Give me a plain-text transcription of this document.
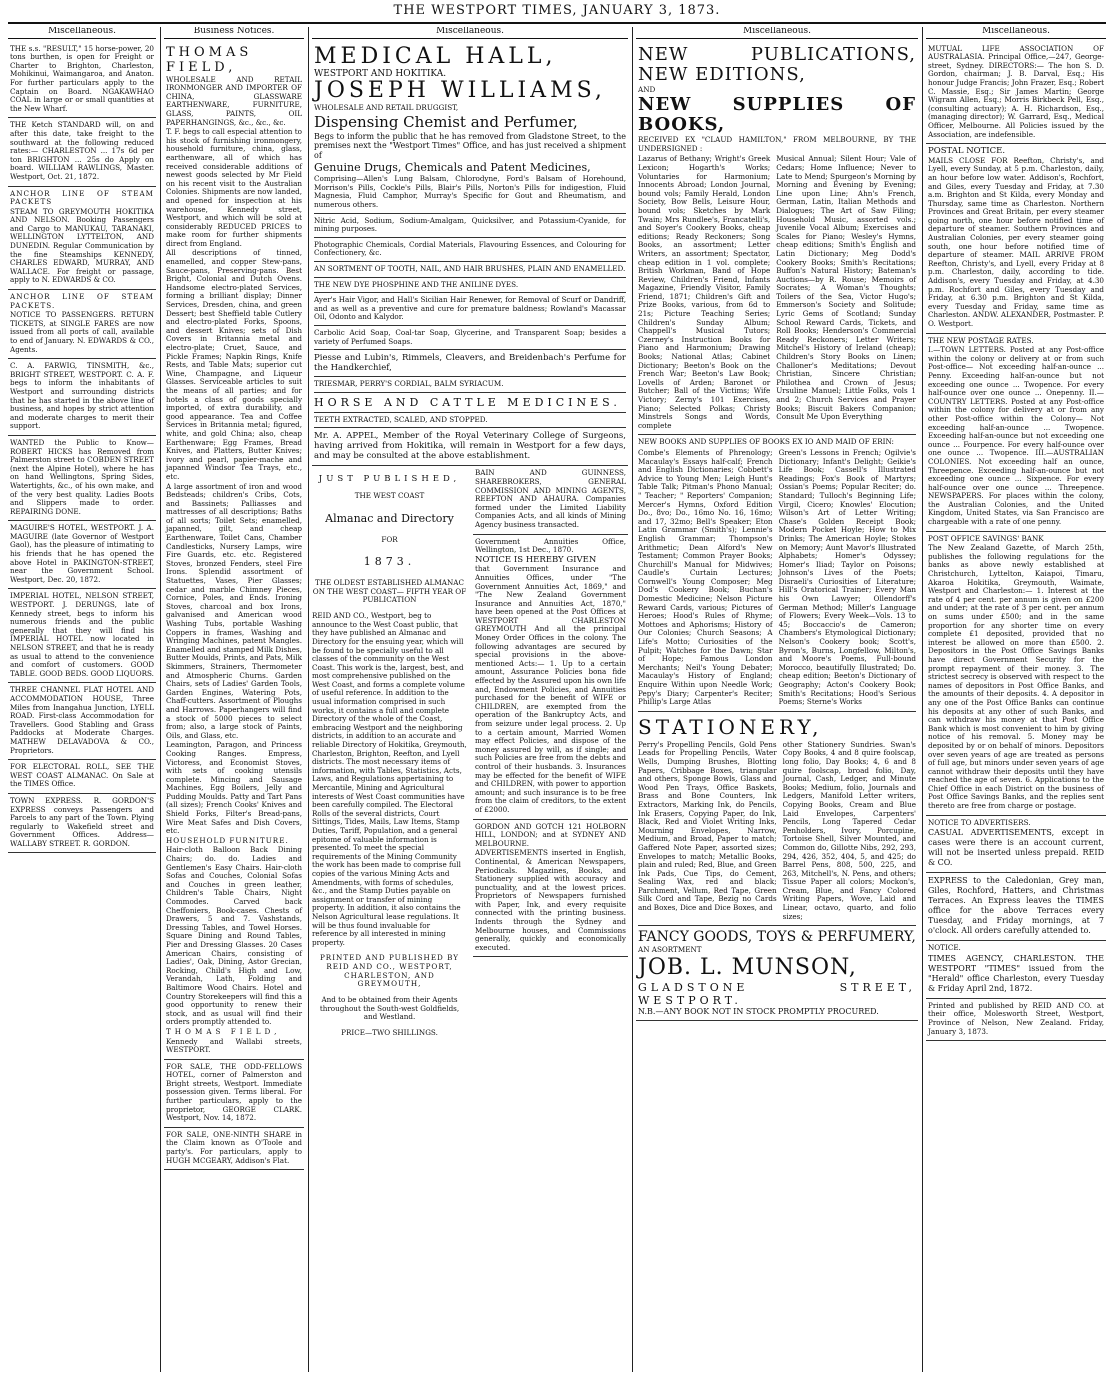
THE WESTPORT TIMES, JANUARY 3, 1873.
Miscellaneous.

THE s.s. "RESULT," 15 horse-power, 20 tons burthen, is open for Freight or Charter to Brighton, Charleston, Mohikinui, Waimangaroa, and Anaton. For further particulars apply to the Captain on Board. NGAKAWHAO COAL in large or or small quantities at the New Wharf.

THE Ketch STANDARD will, on and after this date, take freight to the southward at the following reduced rates:— CHARLESTON ... 17s 6d per ton BRIGHTON ... 25s do Apply on board. WILLIAM RAWLINGS, Master. Westport, Oct. 21, 1872.

ANCHOR LINE OF STEAM PACKETS

STEAM TO GREYMOUTH HOKITIKA AND NELSON. Booking Passengers and Cargo to MANUKAU, TARANAKI, WELLINGTON LYTTELTON, AND DUNEDIN. Regular Communication by the fine Steamships KENNEDY, CHARLES EDWARD, MURRAY, AND WALLACE. For freight or passage, apply to N. EDWARDS & CO.

ANCHOR LINE OF STEAM PACKETS.

NOTICE TO PASSENGERS. RETURN TICKETS, at SINGLE FARES are now issued from all ports of call, available to end of January. N. EDWARDS & CO., Agents.

C. A. FARWIG, TINSMITH, &c., BRIGHT STREET, WESTPORT. C. A. F. begs to inform the inhabitants of Westport and surrounding districts that he has started in the above line of business, and hopes by strict attention and moderate charges to merit their support.

WANTED the Public to Know— ROBERT HICKS has Removed from Palmerston street to COBDEN STREET (next the Alpine Hotel), where he has on hand Wellingtons, Spring Sides, Watertights, &c., of his own make, and of the very best quality. Ladies Boots and Slippers made to order. REPAIRING DONE.

MAGUIRE'S HOTEL, WESTPORT. J. A. MAGUIRE (late Governor of Westport Gaol), has the pleasure of intimating to his friends that he has opened the above Hotel in PAKINGTON-STREET, near the Government School. Westport, Dec. 20, 1872.

IMPERIAL HOTEL, NELSON STREET, WESTPORT. J. DERUNGS, late of Kennedy street, begs to inform his numerous friends and the public generally that they will find his IMPERIAL HOTEL now located in NELSON STREET, and that he is ready as usual to attend to the convenience and comfort of customers. GOOD TABLE. GOOD BEDS. GOOD LIQUORS.

THREE CHANNEL FLAT HOTEL AND ACCOMMODATION HOUSE, Three Miles from Inangahua Junction, LYELL ROAD. First-class Accommodation for Travellers. Good Stabling and Grass Paddocks at Moderate Charges. MATHEW DELAVADOVA & CO., Proprietors.

FOR ELECTORAL ROLL, SEE THE WEST COAST ALMANAC. On Sale at the TIMES Office.

TOWN EXPRESS. R. GORDON'S EXPRESS conveys Passengers and Parcels to any part of the Town. Plying regularly to Wakefield street and Government Offices. Address—WALLABY STREET. R. GORDON.

Business Notices.

THOMAS FIELD,

WHOLESALE AND RETAIL IRONMONGER AND IMPORTER OF CHINA, GLASSWARE EARTHENWARE, FURNITURE, GLASS, PAINTS, OIL PAPERHANGINGS, &c., &c., &c.

T. F. begs to call especial attention to his stock of furnishing ironmongery, household furniture, china, glass, earthenware, all of which has received considerable additions of newest goods selected by Mr Field on his recent visit to the Australian Colonies. Shipments are now landed, and opened for inspection at his warehouse, Kennedy street, Westport, and which will be sold at considerably REDUCED PRICES to make room for further shipments direct from England.

All descriptions of tinned, enamelled, and copper Stew-pans, Sauce-pans, Preserving-pans. Best Bright, Colonial and Dutch Ovens. Handsome electro-plated Services, forming a brilliant display; Dinner Services, Dresden, china, and green Dessert; best Sheffield table Cutlery and electro-plated Forks, Spoons, and dessert Knives; sets of Dish Covers in Britannia metal and electro-plate; Cruet, Sauce, and Pickle Frames; Napkin Rings, Knife Rests, and Table Mats; superior cut Wine, Champagne, and Liqueur Glasses. Serviceable articles to suit the means of all parties; and for hotels a class of goods specially imported, of extra durability, and good appearance. Tea and Coffee Services in Britannia metal; figured, white, and gold China; also, cheap Earthenware; Egg Frames, Bread Knives, and Platters, Butter Knives; ivory and pearl, papier-mache and japanned Windsor Tea Trays, etc., etc.

A large assortment of iron and wood Bedsteads; children's Cribs, Cots, and Bassinets; Palliasses and mattresses of all descriptions; Baths of all sorts; Toilet Sets; enamelled, japanned, gilt, and cheap Earthenware, Toilet Cans, Chamber Candlesticks, Nursery Lamps, wire Fire Guards, etc. etc. Registered Stoves, bronzed Fenders, steel Fire Irons. Splendid assortment of Statuettes, Vases, Pier Glasses; cedar and marble Chimney Pieces, Cornice, Poles, and Ends. Ironing Stoves, charcoal and box Irons, galvanised and American wood Washing Tubs, portable Washing Coppers in frames, Washing and Wringing Machines, patent Mangles. Enamelled and stamped Milk Dishes, Butter Moulds, Prints, and Pats, Milk Skimmers, Strainers, Thermometer and Atmospheric Churns. Garden Chairs, sets of Ladies' Garden Tools, Garden Engines, Watering Pots, Chaff-cutters. Assortment of Ploughs and Harrows. Paperhangers will find a stock of 5000 pieces to select from; also, a large stock of Paints, Oils, and Glass, etc.

Leamington, Paragon, and Princess Cooking Ranges. Empress, Victoress, and Economist Stoves, with sets of cooking utensils complete. Mincing and Sausage Machines, Egg Boilers, Jelly and Pudding Moulds. Patty and Tart Pans (all sizes); French Cooks' Knives and Shield Forks, Filter's Bread-pans, Wire Meat Safes and Dish Covers, etc.

HOUSEHOLD FURNITURE.

Hair-cloth Balloon Back Dining Chairs; do. do. Ladies and Gentlemen's Easy Chairs. Hair-cloth Sofas and Couches, Colonial Sofas and Couches in green leather, Children's Table Chairs, Night Commodes. Carved back Cheffoniers, Book-cases. Chests of Drawers, 5 and 7. Vashstands, Dressing Tables, and Towel Horses. Square Dining and Round Tables, Pier and Dressing Glasses. 20 Cases American Chairs, consisting of Ladies', Oak, Dining, Astor Grecian, Rocking, Child's High and Low, Verandah, Lath, Folding and Baltimore Wood Chairs. Hotel and Country Storekeepers will find this a good opportunity to renew their stock, and as usual will find their orders promptly attended to.

THOMAS FIELD,

Kennedy and Wallabi streets, WESTPORT.

FOR SALE, THE ODD-FELLOWS HOTEL, corner of Palmerston and Bright streets, Westport. Immediate possession given. Terms liberal. For further particulars, apply to the proprietor, GEORGE CLARK. Westport, Nov. 14, 1872.

FOR SALE, ONE-NINTH SHARE in the Claim known as O'Toole and party's. For particulars, apply to HUGH MCGEARY, Addison's Flat.

Miscellaneous.

MEDICAL HALL,

WESTPORT AND HOKITIKA.

JOSEPH WILLIAMS,

WHOLESALE AND RETAIL DRUGGIST,

Dispensing Chemist and Perfumer,

Begs to inform the public that he has removed from Gladstone Street, to the premises next the "Westport Times" Office, and has just received a shipment of

Genuine Drugs, Chemicals and Patent Medicines,

Comprising—Allen's Lung Balsam, Chlorodyne, Ford's Balsam of Horehound, Morrison's Pills, Cockle's Pills, Blair's Pills, Norton's Pills for indigestion, Fluid Magnesia, Fluid Camphor, Murray's Specific for Gout and Rheumatism, and numerous others.

Nitric Acid, Sodium, Sodium-Amalgam, Quicksilver, and Potassium-Cyanide, for mining purposes.

Photographic Chemicals, Cordial Materials, Flavouring Essences, and Colouring for Confectionery, &c.

AN SORTMENT OF TOOTH, NAIL, AND HAIR BRUSHES, PLAIN AND ENAMELLED.

THE NEW DYE PHOSPHINE AND THE ANILINE DYES.

Ayer's Hair Vigor, and Hall's Sicilian Hair Renewer, for Removal of Scurf or Dandriff, and as well as a preventive and cure for premature baldness; Rowland's Macassar Oil, Odonto and Kalydor.

Carbolic Acid Soap, Coal-tar Soap, Glycerine, and Transparent Soap; besides a variety of Perfumed Soaps.

Piesse and Lubin's, Rimmels, Cleavers, and Breidenbach's Perfume for the Handkerchief,

TRIESMAR, PERRY'S CORDIAL, BALM SYRIACUM.

HORSE AND CATTLE MEDICINES.

TEETH EXTRACTED, SCALED, AND STOPPED.

Mr. A. APPEL, Member of the Royal Veterinary College of Surgeons, having arrived from Hokitika, will remain in Westport for a few days, and may be consulted at the above establishment.

JUST PUBLISHED,

THE WEST COAST

Almanac and Directory

FOR

1873.

THE OLDEST ESTABLISHED ALMANAC ON THE WEST COAST— FIFTH YEAR OF PUBLICATION

REID AND CO., Westport, beg to announce to the West Coast public, that they have published an Almanac and Directory for the ensuing year, which will be found to be specially useful to all classes of the community on the West Coast. This work is the, largest, best, and most comprehensive published on the West Coast, and forms a complete volume of useful reference. In addition to the usual information comprised in such works, it contains a full and complete Directory of the whole of the Coast, embracing Westport and the neighboring districts, in addition to an accurate and reliable Directory of Hokitika, Greymouth, Charleston, Brighton, Reefton, and Lyell districts. The most necessary items of information, with Tables, Statistics, Acts, Laws, and Regulations appertaining to Mercantile, Mining and Agricultural interests of West Coast communities have been carefully compiled. The Electoral Rolls of the several districts, Court Sittings, Tides, Mails, Law Items, Stamp Duties, Tariff, Population, and a general epitome of valuable information is presented. To meet the special requirements of the Mining Community the work has been made to comprise full copies of the various Mining Acts and Amendments, with forms of schedules, &c., and the Stamp Duties payable on assignment or transfer of mining property. In addition, it also contains the Nelson Agricultural lease regulations. It will be thus found invaluable for reference by all interested in mining property.

PRINTED AND PUBLISHED BY REID AND CO., WESTPORT, CHARLESTON, AND GREYMOUTH,

And to be obtained from their Agents throughout the South-west Goldfields, and Westland.

PRICE—TWO SHILLINGS.

BAIN AND GUINNESS, SHAREBROKERS, GENERAL COMMISSION AND MINING AGENTS, REEFTON AND AHAURA. Companies formed under the Limited Liability Companies Acts, and all kinds of Mining Agency business transacted.

Government Annuities Office, Wellington, 1st Dec., 1870.

NOTICE IS HEREBY GIVEN

that Government Insurance and Annuities Offices, under "The Government Annuities Act, 1869," and "The New Zealand Government Insurance and Annuities Act, 1870," have been opened at the Post Offices at WESTPORT CHARLESTON GREYMOUTH And all the principal Money Order Offices in the colony. The following advantages are secured by special provisions in the above-mentioned Acts:— 1. Up to a certain amount, Assurance Policies bona fide effected by the Assured upon his own life and, Endowment Policies, and Annuities purchased for the benefit of WIFE or CHILDREN, are exempted from the operation of the Bankruptcy Acts, and from seizure under legal process. 2. Up to a certain amount, Married Women may effect Policies, and dispose of the money assured by will, as if single; and such Policies are free from the debts and control of their husbands. 3. Insurances may be effected for the benefit of WIFE and CHILDREN, with power to apportion amount; and such insurance is to be free from the claim of creditors, to the extent of £2000.

GORDON AND GOTCH 121 HOLBORN HILL, LONDON; and at SYDNEY AND MELBOURNE.

ADVERTISEMENTS inserted in English, Continental, & American Newspapers, Periodicals. Magazines, Books, and Stationery supplied with accuracy and punctuality, and at the lowest prices. Proprietors of Newspapers furnished with Paper, Ink, and every requisite connected with the printing business. Indents through the Sydney and Melbourne houses, and Commissions generally, quickly and economically executed.

Miscellaneous.

NEW PUBLICATIONS, NEW EDITIONS,

AND

NEW SUPPLIES OF BOOKS,

RECEIVED EX "CLAUD HAMILTON," FROM MELBOURNE, BY THE UNDERSIGNED :

Lazarus of Bethany; Wright's Greek Lexicon; Hogarth's Works; Voluntaries for Harmonium; Innocents Abroad; London Journal, bound vols; Family Herald, London Society, Bow Bells, Leisure Hour, bound vols; Sketches by Mark Twain; Mrs Rundlee's, Francatelli's, and Soyer's Cookery Books, cheap editions; Ready Reckoners; Song Books, an assortment; Letter Writers, an assortment; Spectator, cheap edition in 1 vol. complete; British Workman, Band of Hope Review, Children's Friend, Infants Magazine, Friendly Visitor, Family Friend, 1871; Children's Gift and Prize Books, various, from 6d to 21s; Picture Teaching Series; Children's Sunday Album; Chappell's Musical Tutors; Czerney's Instruction Books for Piano and Harmonium; Drawing Books; National Atlas; Cabinet Dictionary; Beeton's Book on the French War; Beeton's Law Book; Lovells of Arden; Baronet or Butcher; Ball of the Victims; Wife Victory; Zerny's 101 Exercises, Piano; Selected Polkas; Christy Minstrels Songs and Words, complete

Musical Annual; Silent Hour; Vale of Cedars; Home Influence; Never to Late to Mend; Spurgeon's Morning by Morning and Evening by Evening; Line upon Line; Ahn's French, German, Latin, Italian Methods and Dialogues; The Art of Saw Filing; Household Music, assorted vols.; Juvenile Vocal Album; Exercises and Scales for Piano; Wesley's Hymns, cheap editions; Smith's English and Latin Dictionary; Meg Dodd's Cookery Books; Smith's Recitations; Buffon's Natural History; Bateman's Auctions—by R. Rouse; Memoirs of Socrates; A Woman's Thoughts; Toilers of the Sea, Victor Hugo's; Emmerson's Society and Solitude; Lyric Gems of Scotland; Sunday School Reward Cards, Tickets, and Roll Books; Henderson's Commercial Ready Reckoners; Letter Writers; Mitchel's History of Ireland (cheap); Children's Story Books on Linen; Challoner's Meditations; Devout Christian, Sincere Christian; Philothea and Crown of Jesus; Ursuline Manuel; Little Folks, vols 1 and 2; Church Services and Prayer Books; Biscuit Bakers Companion; Consult Me Upon Everything

NEW BOOKS AND SUPPLIES OF BOOKS EX IO AND MAID OF ERIN:

Combe's Elements of Phrenology; Macaulay's Essays half-calf; French and English Dictionaries; Cobbett's Advice to Young Men; Leigh Hunt's Table Talk; Pitman's Phono Manual; " Teacher; " Reporters' Companion; Mercer's Hymns, Oxford Edition Do., 8vo; Do., 16mo No. 16, 16mo; and 17, 32mo; Bell's Speaker; Eton Latin Grammar (Smith's); Lennie's English Grammar; Thompson's Arithmetic; Dean Alford's New Testament; Common Prayer Books; Churchill's Manual for Midwives; Caudle's Curtain Lectures; Cornwell's Young Composer; Meg Dod's Cookery Book; Buchan's Domestic Medicine; Nelson Picture Reward Cards, various; Pictures of Heroes; Hood's Rules of Rhyme; Mottoes and Aphorisms; History of Our Colonies; Church Seasons; A Life's Motto; Curiosities of the Pulpit; Watches for the Dawn; Star of Hope; Famous London Merchants; Neil's Young Debater; Macaulay's History of England; Enquire Within upon Needle Work; Pepy's Diary; Carpenter's Reciter; Phillip's Large Atlas

Green's Lessons in French; Ogilvie's Dictionary; Infant's Delight; Geikie's Life Book; Cassell's Illustrated Readings; Fox's Book of Martyrs; Ossian's Poems; Popular Reciter; do. Standard; Tulloch's Beginning Life; Virgil, Cicero; Knowles' Elocution; Wilson's Art of Letter Writing; Chase's Golden Receipt Book; Modern Pocket Hoyle; How to Mix Drinks; The American Hoyle; Stokes on Memory; Aunt Mavor's Illustrated Alphabets; Homer's Odyssey; Homer's Iliad; Taylor on Poisons; Johnson's Lives of the Poets; Disraeli's Curiosities of Literature; Hill's Oratorical Trainer; Every Man his Own Lawyer; Ollendorff's German Method; Miller's Language of Flowers; Every Week—Vols. 13 to 45; Boccaccio's de Cameron; Chambers's Etymological Dictionary; Nelson's Cookery book; Scott's, Byron's, Burns, Longfellow, Milton's, and Moore's Poems, Full-bound Morocco, beautifully Illustrated; Do. cheap edition; Beeton's Dictionary of Geography; Acton's Cookery Book; Smith's Recitations; Hood's Serious Poems; Sterne's Works

STATIONERY,

Perry's Propelling Pencils, Gold Pens Leads for Propelling Pencils, Water Wells, Dumping Brushes, Blotting Papers, Cribbage Boxes, triangular and others, Sponge Bowls, Glass and Wood Pen Trays, Office Baskets, Brass and Bone Counters, Ink Extractors, Marking Ink, do Pencils, Ink Erasers, Copying Paper, do Ink, Black, Red and Violet Writing Inks, Mourning Envelopes, Narrow, Medium, and Broad, Paper to match; Gaffered Note Paper, assorted sizes; Envelopes to match; Metallic Books, plain and ruled; Red, Blue, and Green Ink Pads, Cue Tips, do Cement, Sealing Wax, red and black; Parchment, Vellum, Red Tape, Green Silk Cord and Tape, Bezig no Cards and Boxes, Dice and Dice Boxes, and

other Stationery Sundries. Swan's Copy Books, 4 and 8 quire foolscap, long folio, Day Books; 4, 6 and 8 quire foolscap, broad folio, Day, Journal, Cash, Ledger, and Minute Books; Medium, folio, Journals and Ledgers, Manifold Letter writers, Copying Books, Cream and Blue Laid Envelopes, Carpenters' Pencils, Long Tapered Cedar Penholders, Ivory, Porcupine, Tortoise Shell, Silver Mounted, and Common do, Gillotte Nibs, 292, 293, 294, 426, 352, 404, 5, and 425; do Barrel Pens, 808, 500, 225, and 263, Mitchell's, N. Pens, and others; Tissue Paper all colors; Mockon's, Cream, Blue, and Fancy Colored Writing Papers, Wove, Laid and Linear, octavo, quarto, and folio sizes;

FANCY GOODS, TOYS & PERFUMERY,

AN ASORTMENT

JOB. L. MUNSON,

GLADSTONE STREET, WESTPORT.

N.B.—ANY BOOK NOT IN STOCK PROMPTLY PROCURED.

Miscellaneous.

MUTUAL LIFE ASSOCIATION OF AUSTRALASIA. Principal Office,—247, George-street, Sydney. DIRECTORS:— The hon S. D. Gordon, chairman; J. B. Darval, Esq.; His honour Judge Francis; John Frazer, Esq.; Robert C. Massie, Esq.; Sir James Martin; George Wigram Allen, Esq.; Morris Birkbeck Pell, Esq., (consulting actuary); A. H. Richardson, Esq., (managing director); W. Garrard, Esq., Medical Officer, Melbourne. All Policies issued by the Association, are indefensible.

POSTAL NOTICE.

MAILS CLOSE FOR Reefton, Christy's, and Lyell, every Sunday, at 5 p.m. Charleston, daily, an hour before low water. Addison's, Rochfort, and Giles, every Tuesday and Friday, at 7.30 a.m. Brighton and St Kilda, every Monday and Thursday, same time as Charleston. Northern Provinces and Great Britain, per every steamer going north, one hour before notified time of departure of steamer. Southern Provinces and Australian Colonies, per every steamer going south, one hour before notified time of departure of steamer. MAIL ARRIVE FROM Reefton, Christy's, and Lyell, every Friday at 8 p.m. Charleston, daily, according to tide. Addison's, every Tuesday and Friday, at 4.30 p.m. Rochfort and Giles, every Tuesday and Friday, at 6.30 p.m. Brighton and St Kilda, every Tuesday and Friday, same time as Charleston. ANDW. ALEXANDER, Postmaster. P. O. Westport.

THE NEW POSTAGE RATES.

I.—TOWN LETTERS. Posted at any Post-office within the colony or delivery at or from such Post-office— Not exceeding half-an-ounce ... Penny. Exceeding half-an-ounce but not exceeding one ounce ... Twopence. For every half-ounce over one ounce ... Onepenny. II.—COUNTRY LETTERS. Posted at any Post-office within the colony for delivery at or from any other Post-office within the Colony— Not exceeding half-an-ounce ... Twopence. Exceeding half-an-ounce but not exceeding one ounce ... Fourpence. For every half-ounce over one ounce ... Twopence. III.—AUSTRALIAN COLONIES. Not exceeding half an ounce, Threepence. Exceeding half-an-ounce but not exceeding one ounce ... Sixpence. For every half-ounce over one ounce ... Threepence. NEWSPAPERS. For places within the colony, the Australian Colonies, and the United Kingdom, United States, via San Francisco are chargeable with a rate of one penny.

POST OFFICE SAVINGS' BANK

The New Zealand Gazette, of March 25th, publishes the following regulations for the banks as above newly established at Christchurch, Lyttelton, Kaiapoi, Timaru, Akaroa Hokitika, Greymouth, Waimate, Westport and Charleston:— 1. Interest at the rate of 4 per cent. per annum is given on £200 and under; at the rate of 3 per cent. per annum on sums under £500; and in the same proportion for any shorter time on every complete £1 deposited, provided that no interest be allowed on more than £500. 2. Depositors in the Post Office Savings Banks have direct Government Security for the prompt repayment of their money. 3. The strictest secrecy is observed with respect to the names of depositors in Post Office Banks, and the amounts of their deposits. 4. A depositor in any one of the Post Office Banks can continue his deposits at any other of such Banks, and can withdraw his money at that Post Office Bank which is most convenient to him by giving notice of his removal. 5. Money may be deposited by or on behalf of minors. Depositors over seven years of age are treated as persons of full age, but minors under seven years of age cannot withdraw their deposits until they have reached the age of seven. 6. Applications to the Chief Office in each District on the business of Post Office Savings Banks, and the replies sent thereto are free from charge or postage.

NOTICE TO ADVERTISERS.

CASUAL ADVERTISEMENTS, except in cases were there is an account current, will not be inserted unless prepaid. REID & CO.

EXPRESS to the Caledonian, Grey man, Giles, Rochford, Hatters, and Christmas Terraces. An Express leaves the TIMES office for the above Terraces every Tuesday, and Friday mornings, at 7 o'clock. All orders carefully attended to.

NOTICE.

TIMES AGENCY, CHARLESTON. THE WESTPORT "TIMES" issued from the "Herald" office Charleston, every Tuesday & Friday April 2nd, 1872.

Printed and published by REID AND CO. at their office, Molesworth Street, Westport, Province of Nelson, New Zealand. Friday, January 3, 1873.
